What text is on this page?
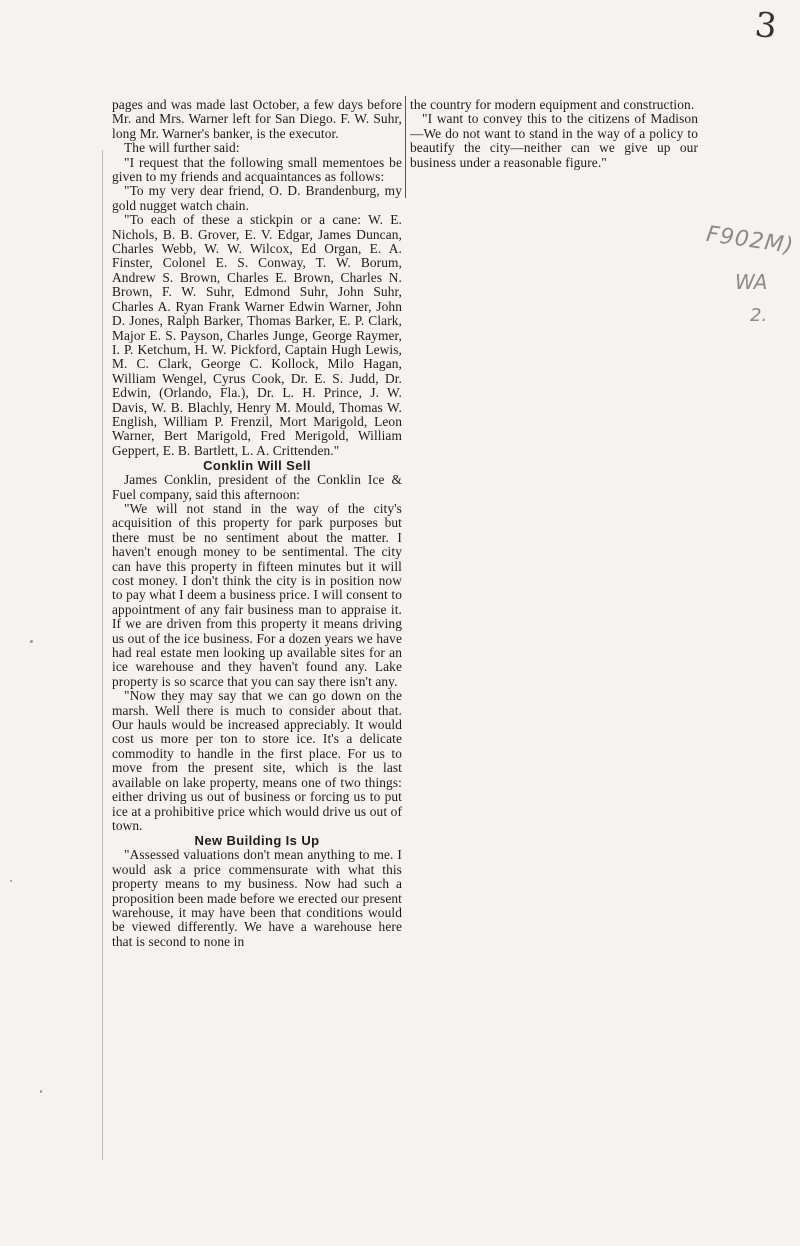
3

pages and was made last October, a few days before Mr. and Mrs. Warner left for San Diego. F. W. Suhr, long Mr. Warner's banker, is the executor.

The will further said:

"I request that the following small mementoes be given to my friends and acquaintances as follows:

"To my very dear friend, O. D. Brandenburg, my gold nugget watch chain.

"To each of these a stickpin or a cane: W. E. Nichols, B. B. Grover, E. V. Edgar, James Duncan, Charles Webb, W. W. Wilcox, Ed Organ, E. A. Finster, Colonel E. S. Conway, T. W. Borum, Andrew S. Brown, Charles E. Brown, Charles N. Brown, F. W. Suhr, Edmond Suhr, John Suhr, Charles A. Ryan Frank Warner Edwin Warner, John D. Jones, Ralph Barker, Thomas Barker, E. P. Clark, Major E. S. Payson, Charles Junge, George Raymer, I. P. Ketchum, H. W. Pickford, Captain Hugh Lewis, M. C. Clark, George C. Kollock, Milo Hagan, William Wengel, Cyrus Cook, Dr. E. S. Judd, Dr. Edwin, (Orlando, Fla.), Dr. L. H. Prince, J. W. Davis, W. B. Blachly, Henry M. Mould, Thomas W. English, William P. Frenzil, Mort Marigold, Leon Warner, Bert Marigold, Fred Merigold, William Geppert, E. B. Bartlett, L. A. Crittenden."

Conklin Will Sell

James Conklin, president of the Conklin Ice & Fuel company, said this afternoon:

"We will not stand in the way of the city's acquisition of this property for park purposes but there must be no sentiment about the matter. I haven't enough money to be sentimental. The city can have this property in fifteen minutes but it will cost money. I don't think the city is in position now to pay what I deem a business price. I will consent to appointment of any fair business man to appraise it. If we are driven from this property it means driving us out of the ice business. For a dozen years we have had real estate men looking up available sites for an ice warehouse and they haven't found any. Lake property is so scarce that you can say there isn't any.

"Now they may say that we can go down on the marsh. Well there is much to consider about that. Our hauls would be increased appreciably. It would cost us more per ton to store ice. It's a delicate commodity to handle in the first place. For us to move from the present site, which is the last available on lake property, means one of two things: either driving us out of business or forcing us to put ice at a prohibitive price which would drive us out of town.

New Building Is Up

"Assessed valuations don't mean anything to me. I would ask a price commensurate with what this property means to my business. Now had such a proposition been made before we erected our present warehouse, it may have been that conditions would be viewed differently. We have a warehouse here that is second to none in

the country for modern equipment and construction.

"I want to convey this to the citizens of Madison—We do not want to stand in the way of a policy to beautify the city—neither can we give up our business under a reasonable figure."

F902M)
WA
2.
